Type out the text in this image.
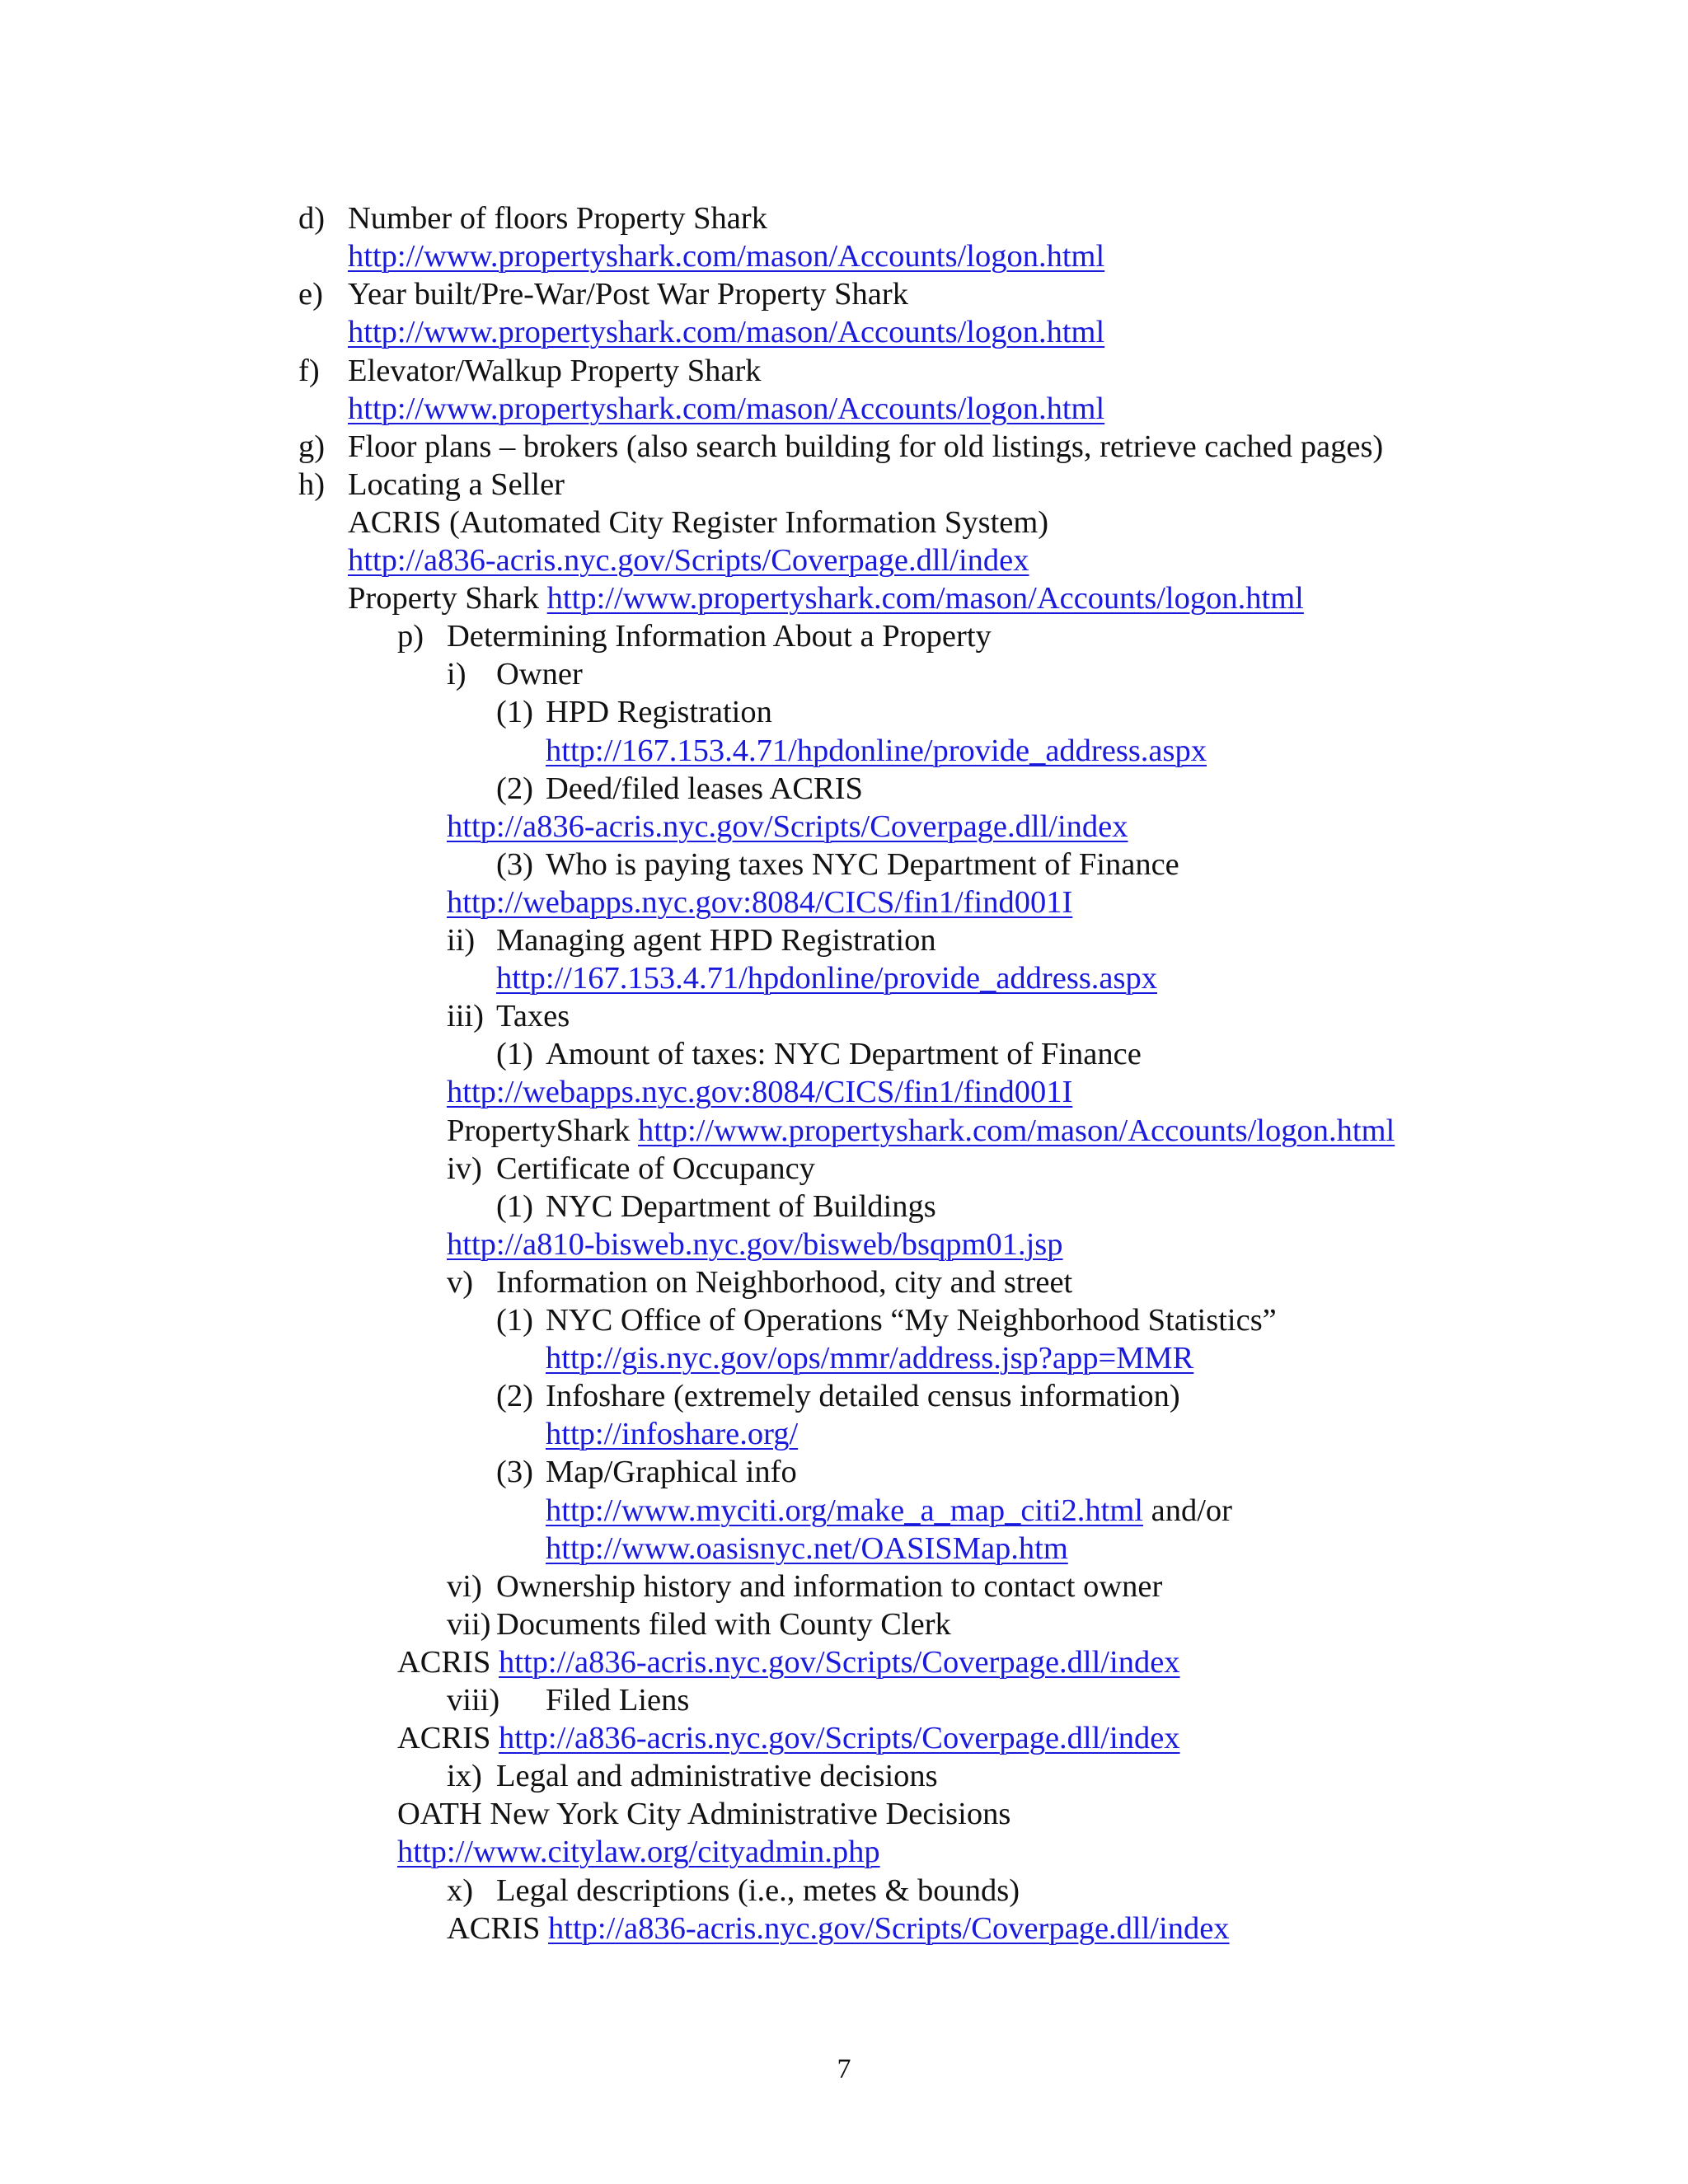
d) Number of floors Property Shark
http://www.propertyshark.com/mason/Accounts/logon.html
e) Year built/Pre-War/Post War Property Shark
http://www.propertyshark.com/mason/Accounts/logon.html
f) Elevator/Walkup Property Shark
http://www.propertyshark.com/mason/Accounts/logon.html
g) Floor plans – brokers (also search building for old listings, retrieve cached pages)
h) Locating a Seller
ACRIS (Automated City Register Information System)
http://a836-acris.nyc.gov/Scripts/Coverpage.dll/index
Property Shark http://www.propertyshark.com/mason/Accounts/logon.html
p) Determining Information About a Property
i) Owner
(1) HPD Registration
http://167.153.4.71/hpdonline/provide_address.aspx
(2) Deed/filed leases ACRIS
http://a836-acris.nyc.gov/Scripts/Coverpage.dll/index
(3) Who is paying taxes NYC Department of Finance
http://webapps.nyc.gov:8084/CICS/fin1/find001I
ii) Managing agent HPD Registration
http://167.153.4.71/hpdonline/provide_address.aspx
iii) Taxes
(1) Amount of taxes: NYC Department of Finance
http://webapps.nyc.gov:8084/CICS/fin1/find001I
PropertyShark http://www.propertyshark.com/mason/Accounts/logon.html
iv) Certificate of Occupancy
(1) NYC Department of Buildings
http://a810-bisweb.nyc.gov/bisweb/bsqpm01.jsp
v) Information on Neighborhood, city and street
(1) NYC Office of Operations “My Neighborhood Statistics”
http://gis.nyc.gov/ops/mmr/address.jsp?app=MMR
(2) Infoshare (extremely detailed census information)
http://infoshare.org/
(3) Map/Graphical info
http://www.myciti.org/make_a_map_citi2.html and/or
http://www.oasisnyc.net/OASISMap.htm
vi) Ownership history and information to contact owner
vii) Documents filed with County Clerk
ACRIS http://a836-acris.nyc.gov/Scripts/Coverpage.dll/index
viii) Filed Liens
ACRIS http://a836-acris.nyc.gov/Scripts/Coverpage.dll/index
ix) Legal and administrative decisions
OATH New York City Administrative Decisions
http://www.citylaw.org/cityadmin.php
x) Legal descriptions (i.e., metes & bounds)
ACRIS http://a836-acris.nyc.gov/Scripts/Coverpage.dll/index
7
